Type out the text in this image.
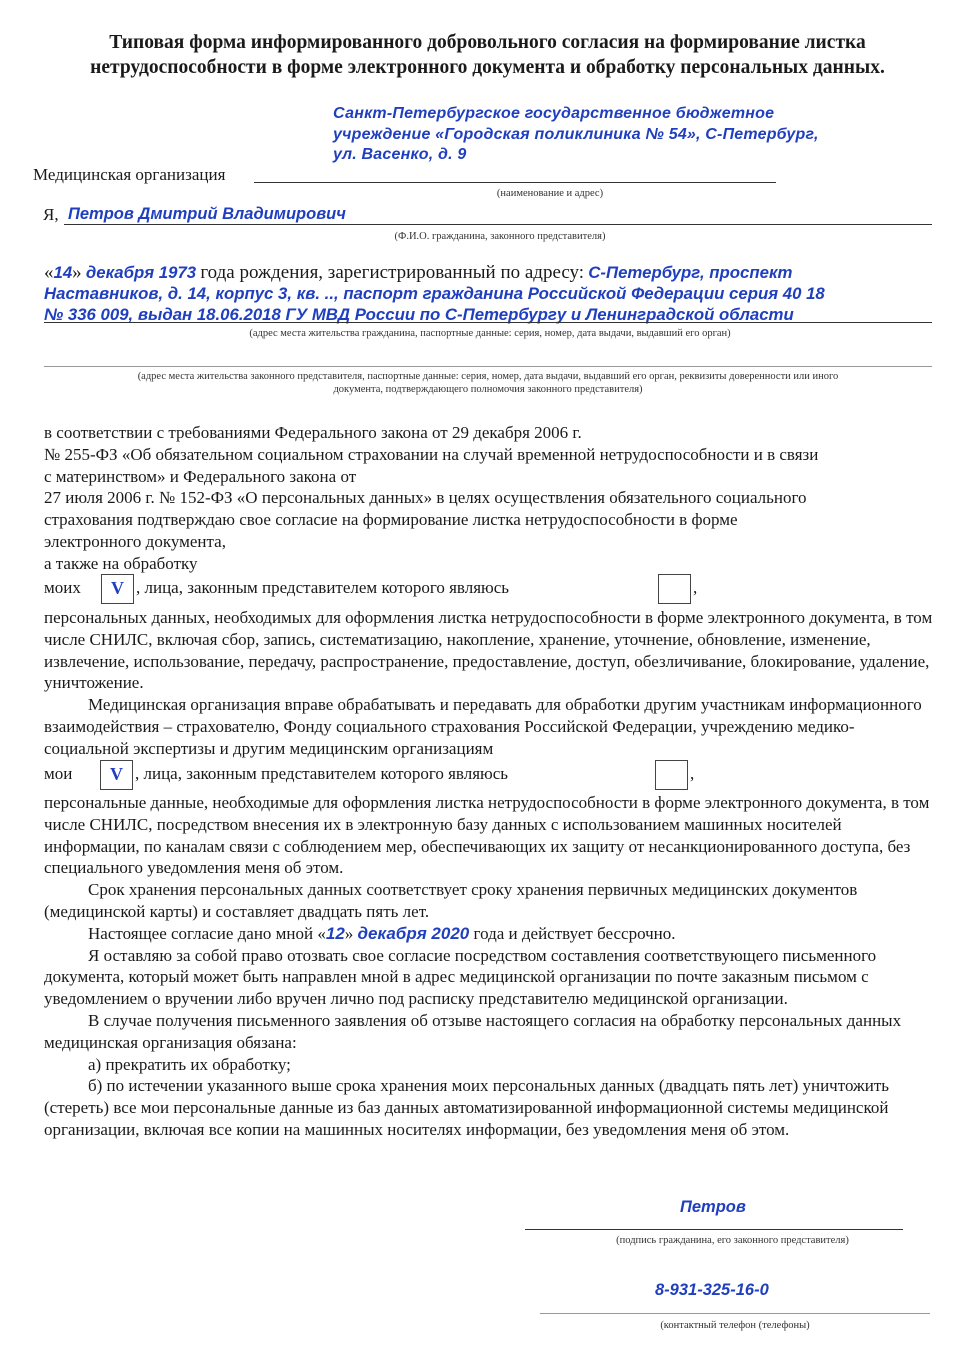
Типовая форма информированного добровольного согласия на формирование листка нетрудоспособности в форме электронного документа и обработку персональных данных.
Санкт-Петербургское государственное бюджетное
учреждение «Городская поликлиника № 54», С-Петербург,
ул. Васенко, д. 9
Медицинская организация
(наименование и адрес)
Я, Петров Дмитрий Владимирович
(Ф.И.О. гражданина, законного представителя)
«14» декабря 1973 года рождения, зарегистрированный по адресу: С-Петербург, проспект
Наставников, д. 14, корпус 3, кв. .., паспорт гражданина Российской Федерации серия 40 18
№ 336 009, выдан 18.06.2018 ГУ МВД России по С-Петербургу и Ленинградской области
(адрес места жительства гражданина, паспортные данные: серия, номер, дата выдачи, выдавший его орган)
(адрес места жительства законного представителя, паспортные данные: серия, номер, дата выдачи, выдавший его орган, реквизиты доверенности или иного
документа, подтверждающего полномочия законного представителя)
в соответствии с требованиями Федерального закона от 29 декабря 2006 г.
№ 255-ФЗ «Об обязательном социальном страховании на случай временной нетрудоспособности и в связи
с материнством» и Федерального закона от
27 июля 2006 г. № 152-ФЗ «О персональных данных» в целях осуществления обязательного социального
страхования подтверждаю свое согласие на формирование листка нетрудоспособности в форме
электронного документа,
а также на обработку
моих	V , лица, законным представителем которого являюсь	,

персональных данных, необходимых для оформления листка нетрудоспособности в форме электронного документа, в том числе СНИЛС, включая сбор, запись, систематизацию, накопление, хранение, уточнение, обновление, изменение, извлечение, использование, передачу, распространение, предоставление, доступ, обезличивание, блокирование, удаление, уничтожение.

Медицинская организация вправе обрабатывать и передавать для обработки другим участникам информационного взаимодействия – страхователю, Фонду социального страхования Российской Федерации, учреждению медико-социальной экспертизы и другим медицинским организациям

мои	V , лица, законным представителем которого являюсь	,

персональные данные, необходимые для оформления листка нетрудоспособности в форме электронного документа, в том числе СНИЛС, посредством внесения их в электронную базу данных с использованием машинных носителей информации, по каналам связи с соблюдением мер, обеспечивающих их защиту от несанкционированного доступа, без специального уведомления меня об этом.

Срок хранения персональных данных соответствует сроку хранения первичных медицинских документов (медицинской карты) и составляет двадцать пять лет.

Настоящее согласие дано мной «12» декабря 2020 года и действует бессрочно.

Я оставляю за собой право отозвать свое согласие посредством составления соответствующего письменного документа, который может быть направлен мной в адрес медицинской организации по почте заказным письмом с уведомлением о вручении либо вручен лично под расписку представителю медицинской организации.

В случае получения письменного заявления об отзыве настоящего согласия на обработку персональных данных медицинская организация обязана:

а) прекратить их обработку;

б) по истечении указанного выше срока хранения моих персональных данных (двадцать пять лет) уничтожить (стереть) все мои персональные данные из баз данных автоматизированной информационной системы медицинской организации, включая все копии на машинных носителях информации, без уведомления меня об этом.

Петров
(подпись гражданина, его законного представителя)
8-931-325-16-0
(контактный телефон (телефоны)
